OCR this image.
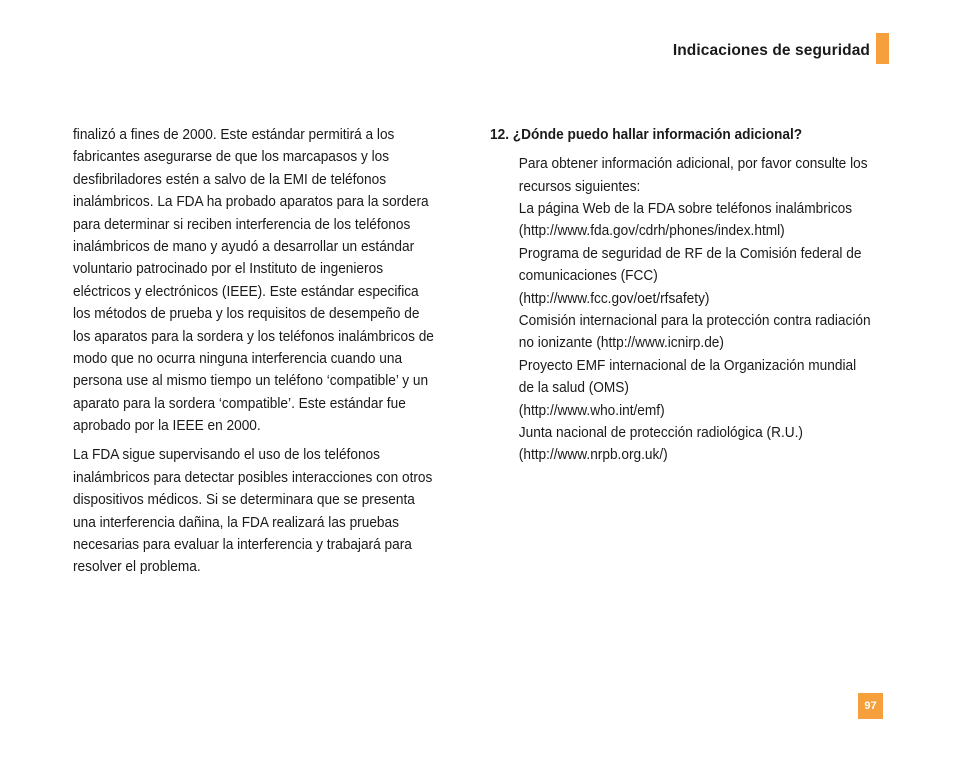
Indicaciones de seguridad

finalizó a fines de 2000. Este estándar permitirá a los fabricantes asegurarse de que los marcapasos y los desfibriladores estén a salvo de la EMI de teléfonos inalámbricos. La FDA ha probado aparatos para la sordera para determinar si reciben interferencia de los teléfonos inalámbricos de mano y ayudó a desarrollar un estándar voluntario patrocinado por el Instituto de ingenieros eléctricos y electrónicos (IEEE). Este estándar especifica los métodos de prueba y los requisitos de desempeño de los aparatos para la sordera y los teléfonos inalámbricos de modo que no ocurra ninguna interferencia cuando una persona use al mismo tiempo un teléfono ‘compatible’ y un aparato para la sordera ‘compatible’. Este estándar fue aprobado por la IEEE en 2000.

La FDA sigue supervisando el uso de los teléfonos inalámbricos para detectar posibles interacciones con otros dispositivos médicos. Si se determinara que se presenta una interferencia dañina, la FDA realizará las pruebas necesarias para evaluar la interferencia y trabajará para resolver el problema.

12. ¿Dónde puedo hallar información adicional?
Para obtener información adicional, por favor consulte los recursos siguientes:
La página Web de la FDA sobre teléfonos inalámbricos
(http://www.fda.gov/cdrh/phones/index.html)
Programa de seguridad de RF de la Comisión federal de comunicaciones (FCC)
(http://www.fcc.gov/oet/rfsafety)
Comisión internacional para la protección contra radiación no ionizante (http://www.icnirp.de)

Proyecto EMF internacional de la Organización mundial de la salud (OMS)
(http://www.who.int/emf)
Junta nacional de protección radiológica (R.U.)
(http://www.nrpb.org.uk/)
97
